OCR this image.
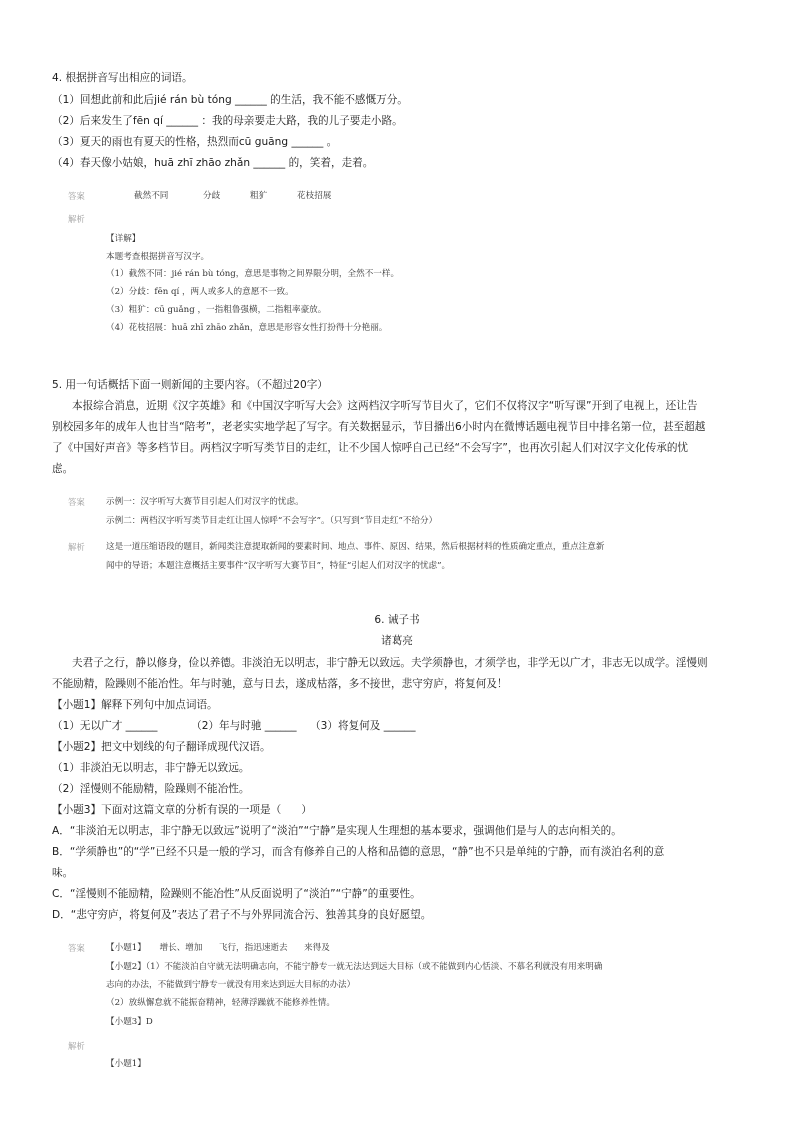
4. 根据拼音写出相应的词语。
（1）回想此前和此后jié rán bù tóng ______ 的生活，我不能不感慨万分。
（2）后来发生了fēn qí ______ ：我的母亲要走大路，我的儿子要走小路。
（3）夏天的雨也有夏天的性格，热烈而cū guāng ______ 。
（4）春天像小姑娘，huā zhī zhāo zhǎn ______ 的，笑着，走着。
答案	截然不同	分歧	粗犷	花枝招展
解析
【详解】
本题考查根据拼音写汉字。
（1）截然不同：jié rán bù tóng，意思是事物之间界限分明，全然不一样。
（2）分歧：fēn qí ，两人或多人的意愿不一致。
（3）粗犷：cū guǎng ，一指粗鲁强横，二指粗率豪放。
（4）花枝招展：huā zhī zhāo zhǎn，意思是形容女性打扮得十分艳丽。
5. 用一句话概括下面一则新闻的主要内容。（不超过20字）
本报综合消息，近期《汉字英雄》和《中国汉字听写大会》这两档汉字听写节目火了，它们不仅将汉字“听写课”开到了电视上，还让告
别校园多年的成年人也甘当“陪考”，老老实实地学起了写字。有关数据显示，节目播出6小时内在微博话题电视节目中排名第一位，甚至超越
了《中国好声音》等多档节目。两档汉字听写类节目的走红，让不少国人惊呼自己已经“不会写字”，也再次引起人们对汉字文化传承的忧
虑。
答案 示例一：汉字听写大赛节目引起人们对汉字的忧虑。
示例二：两档汉字听写类节目走红让国人惊呼“不会写字”。（只写到“节目走红”不给分）
解析 这是一道压缩语段的题目，新闻类注意提取新闻的要素时间、地点、事件、原因、结果，然后根据材料的性质确定重点，重点注意新
闻中的导语；本题注意概括主要事件“汉字听写大赛节目”，特征“引起人们对汉字的忧虑”。
6. 诫子书
诸葛亮
夫君子之行，静以修身，俭以养德。非淡泊无以明志，非宁静无以致远。夫学须静也，才须学也，非学无以广才，非志无以成学。淫慢则
不能励精，险躁则不能冶性。年与时驰，意与日去，遂成枯落，多不接世，悲守穷庐，将复何及！
【小题1】解释下列句中加点词语。
（1）无以广才 ______          （2）年与时驰 ______    （3）将复何及 ______
【小题2】把文中划线的句子翻译成现代汉语。
（1）非淡泊无以明志，非宁静无以致远。
（2）淫慢则不能励精，险躁则不能冶性。
【小题3】下面对这篇文章的分析有误的一项是（      ）
A．“非淡泊无以明志，非宁静无以致远”说明了“淡泊”“宁静”是实现人生理想的基本要求，强调他们是与人的志向相关的。
B．“学须静也”的“学”已经不只是一般的学习，而含有修养自己的人格和品德的意思，“静”也不只是单纯的宁静，而有淡泊名利的意
味。
C．“淫慢则不能励精，险躁则不能冶性”从反面说明了“淡泊”“宁静”的重要性。
D．“悲守穷庐，将复何及”表达了君子不与外界同流合污、独善其身的良好愿望。
答案 【小题1】     增长、增加      飞行，指迅速逝去      来得及
【小题2】（1）不能淡泊自守就无法明确志向，不能宁静专一就无法达到远大目标（或不能做到内心恬淡、不慕名利就没有用来明确
志向的办法，不能做到宁静专一就没有用来达到远大目标的办法）
（2）放纵懈怠就不能振奋精神，轻薄浮躁就不能修养性情。
【小题3】D
解析
【小题1】
